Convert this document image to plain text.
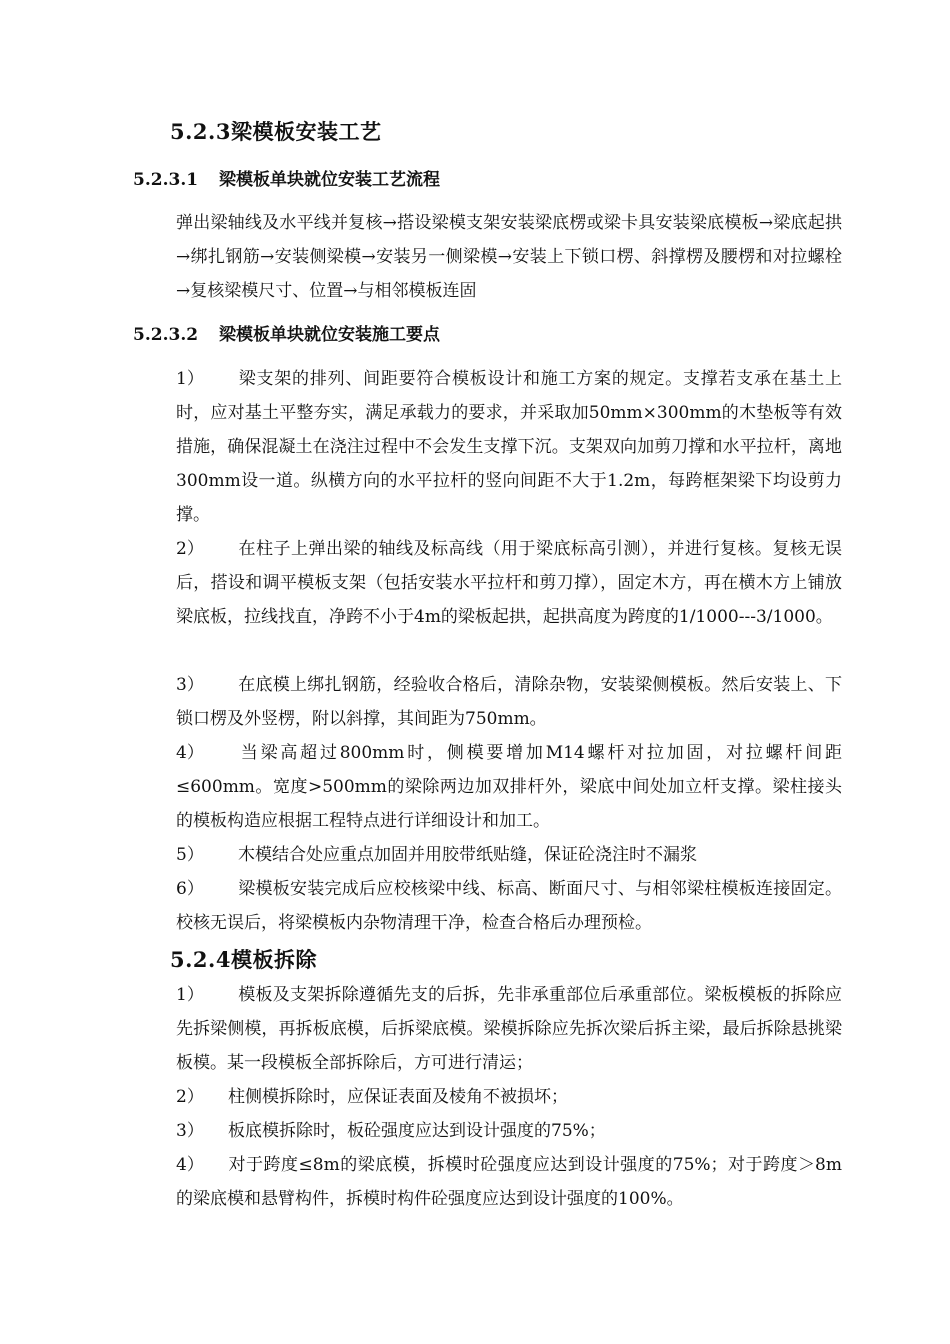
5.2.3梁模板安装工艺
5.2.3.1 梁模板单块就位安装工艺流程
弹出梁轴线及水平线并复核→搭设梁模支架安装梁底楞或梁卡具安装梁底模板→梁底起拱→绑扎钢筋→安装侧梁模→安装另一侧梁模→安装上下锁口楞、斜撑楞及腰楞和对拉螺栓 →复核梁模尺寸、位置→与相邻模板连固
5.2.3.2 梁模板单块就位安装施工要点
1） 梁支架的排列、间距要符合模板设计和施工方案的规定。支撑若支承在基土上时，应对基土平整夯实，满足承载力的要求，并采取加50mm×300mm的木垫板等有效措施，确保混凝土在浇注过程中不会发生支撑下沉。支架双向加剪刀撑和水平拉杆，离地300mm设一道。纵横方向的水平拉杆的竖向间距不大于1.2m，每跨框架梁下均设剪力撑。
2） 在柱子上弹出梁的轴线及标高线（用于梁底标高引测），并进行复核。复核无误后，搭设和调平模板支架（包括安装水平拉杆和剪刀撑），固定木方，再在横木方上铺放梁底板，拉线找直，净跨不小于4m的梁板起拱，起拱高度为跨度的1/1000---3/1000。
3） 在底模上绑扎钢筋，经验收合格后，清除杂物，安装梁侧模板。然后安装上、下锁口楞及外竖楞，附以斜撑，其间距为750mm。
4） 当梁高超过800mm时，侧模要增加M14螺杆对拉加固，对拉螺杆间距≤600mm。宽度>500mm的梁除两边加双排杆外，梁底中间处加立杆支撑。梁柱接头的模板构造应根据工程特点进行详细设计和加工。
5） 木模结合处应重点加固并用胶带纸贴缝，保证砼浇注时不漏浆
6） 梁模板安装完成后应校核梁中线、标高、断面尺寸、与相邻梁柱模板连接固定。校核无误后，将梁模板内杂物清理干净，检查合格后办理预检。
5.2.4模板拆除
1） 模板及支架拆除遵循先支的后拆，先非承重部位后承重部位。梁板模板的拆除应先拆梁侧模，再拆板底模，后拆梁底模。梁模拆除应先拆次梁后拆主梁，最后拆除悬挑梁板模。某一段模板全部拆除后，方可进行清运；
2） 柱侧模拆除时，应保证表面及棱角不被损坏；
3） 板底模拆除时，板砼强度应达到设计强度的75%；
4） 对于跨度≤8m的梁底模，拆模时砼强度应达到设计强度的75%；对于跨度＞8m的梁底模和悬臂构件，拆模时构件砼强度应达到设计强度的100%。
